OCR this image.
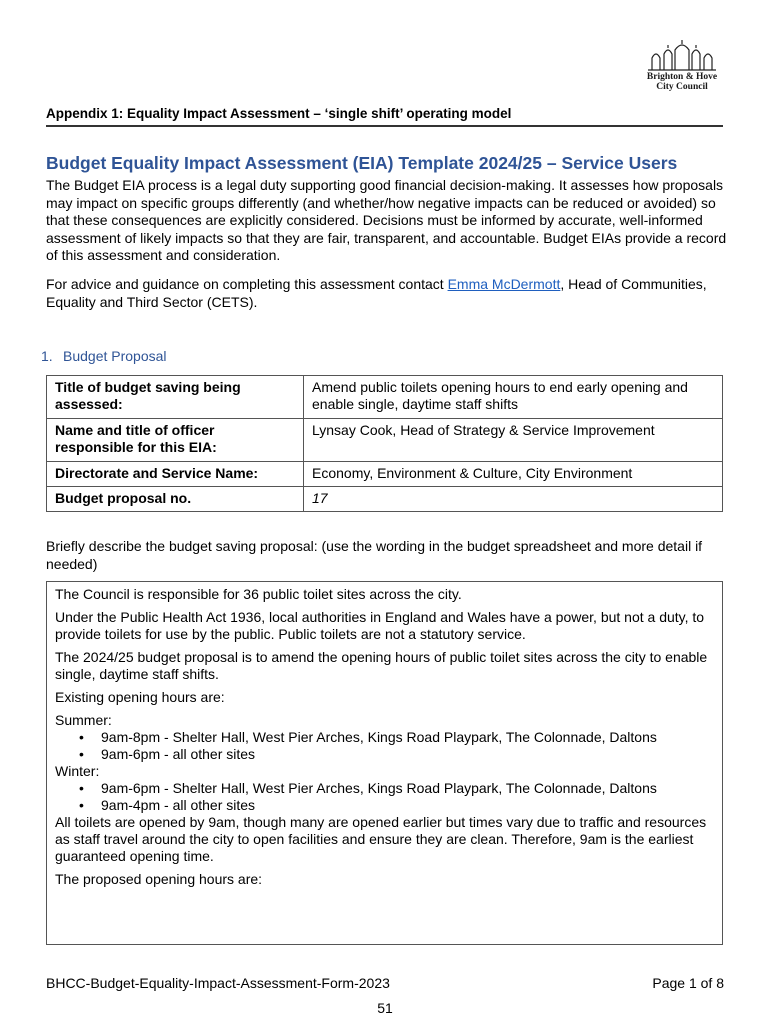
Brighton & Hove
City Council
Appendix 1: Equality Impact Assessment – ‘single shift’ operating model
Budget Equality Impact Assessment (EIA) Template 2024/25 – Service Users
The Budget EIA process is a legal duty supporting good financial decision-making. It assesses how proposals may impact on specific groups differently (and whether/how negative impacts can be reduced or avoided) so that these consequences are explicitly considered. Decisions must be informed by accurate, well-informed assessment of likely impacts so that they are fair, transparent, and accountable. Budget EIAs provide a record of this assessment and consideration.
For advice and guidance on completing this assessment contact Emma McDermott, Head of Communities, Equality and Third Sector (CETS).
1. Budget Proposal
Title of budget saving being assessed:	Amend public toilets opening hours to end early opening and enable single, daytime staff shifts
Name and title of officer responsible for this EIA:	Lynsay Cook, Head of Strategy & Service Improvement
Directorate and Service Name:	Economy, Environment & Culture, City Environment
Budget proposal no.	17
Briefly describe the budget saving proposal: (use the wording in the budget spreadsheet and more detail if needed)

The Council is responsible for 36 public toilet sites across the city.

Under the Public Health Act 1936, local authorities in England and Wales have a power, but not a duty, to provide toilets for use by the public. Public toilets are not a statutory service.

The 2024/25 budget proposal is to amend the opening hours of public toilet sites across the city to enable single, daytime staff shifts.

Existing opening hours are:

Summer:

• 9am-8pm - Shelter Hall, West Pier Arches, Kings Road Playpark, The Colonnade, Daltons
• 9am-6pm - all other sites

Winter:

• 9am-6pm - Shelter Hall, West Pier Arches, Kings Road Playpark, The Colonnade, Daltons
• 9am-4pm - all other sites

All toilets are opened by 9am, though many are opened earlier but times vary due to traffic and resources as staff travel around the city to open facilities and ensure they are clean. Therefore, 9am is the earliest guaranteed opening time.

The proposed opening hours are:

BHCC-Budget-Equality-Impact-Assessment-Form-2023	Page 1 of 8
51
